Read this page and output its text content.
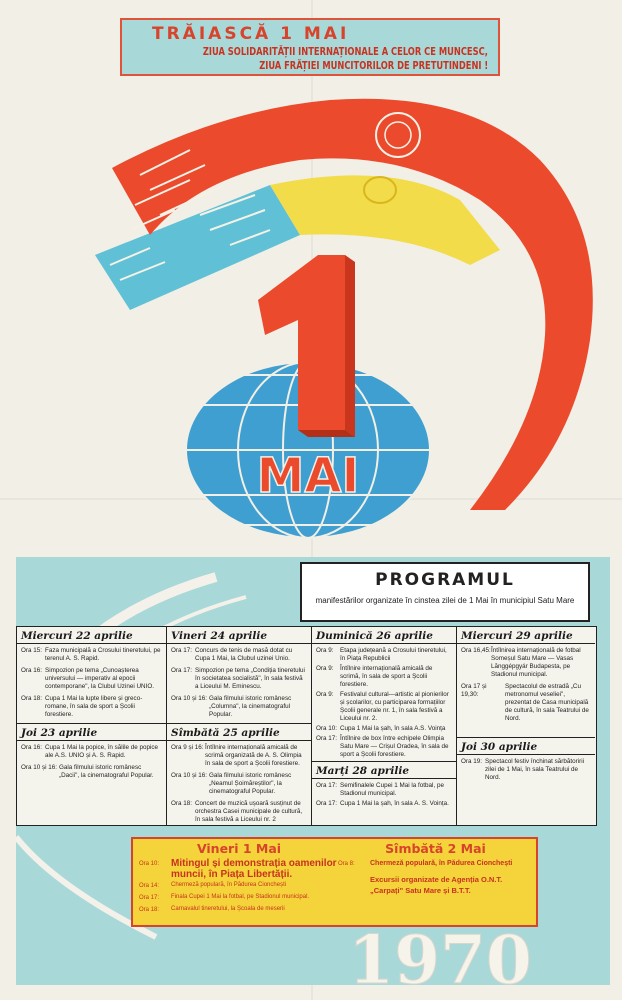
TRĂIASCĂ 1 MAI
ZIUA SOLIDARITĂȚII INTERNAȚIONALE A CELOR CE MUNCESC,
ZIUA FRĂȚIEI MUNCITORILOR DE PRETUTINDENI !
MAI
PROGRAMUL
manifestărilor organizate în cinstea zilei de 1 Mai în municipiul Satu Mare
Miercuri 22 aprilie
Ora 15: Faza municipală a Crosului tineretului, pe terenul A. S. Rapid.
Ora 16: Simpozion pe tema „Cunoașterea universului — imperativ al epocii contemporane", la Clubul Uzinei UNIO.
Ora 18: Cupa 1 Mai la lupte libere și greco-romane, în sala de sport a Școlii forestiere.
Joi 23 aprilie
Ora 16: Cupa 1 Mai la popice, în sălile de popice ale A.S. UNIO și A. S. Rapid.
Ora 10 și 16: Gala filmului istoric românesc „Dacii", la cinematograful Popular.
Vineri 24 aprilie
Ora 17: Concurs de tenis de masă dotat cu Cupa 1 Mai, la Clubul uzinei Unio.
Ora 17: Simpozion pe tema „Condiția tineretului în societatea socialistă", în sala festivă a Liceului M. Eminescu.
Ora 10 și 16: Gala filmului istoric românesc „Columna", la cinematograful Popular.
Sîmbătă 25 aprilie
Ora 9 și 16: Întîlnire internațională amicală de scrimă organizată de A. S. Olimpia în sala de sport a Școlii forestiere.
Ora 10 și 16: Gala filmului istoric românesc „Neamul Șoimăreștilor", la cinematograful Popular.
Ora 18: Concert de muzică ușoară susținut de orchestra Casei municipale de cultură, în sala festivă a Liceului nr. 2
Duminică 26 aprilie
Ora 9:	Etapa județeană a Crosului tineretului, în Piața Republicii
Ora 9:	Întîlnire internațională amicală de scrimă, în sala de sport a Școlii forestiere.
Ora 9:	Festivalul cultural—artistic al pionierilor și școlarilor, cu participarea formațiilor Școlii generale nr. 1, în sala festivă a Liceului nr. 2.
Ora 10: Cupa 1 Mai la șah, în sala A.S. Voința
Ora 17: Întîlnire de box între echipele Olimpia Satu Mare — Crișul Oradea, în sala de sport a Școlii forestiere.
Marți 28 aprilie
Ora 17: Semifinalele Cupei 1 Mai la fotbal, pe Stadionul municipal.
Ora 17: Cupa 1 Mai la șah, în sala A. S. Voința.
Miercuri 29 aprilie
Ora 16,45: Întîlnirea internațională de fotbal Someșul Satu Mare — Vasas Lănggépgyár Budapesta, pe Stadionul municipal.
Ora 17 și 19,30:
Spectacolul de estradă „Cu metronomul veseliei", prezentat de Casa municipală de cultură, în sala Teatrului de Nord.
Joi 30 aprilie
Ora 19: Spectacol festiv închinat sărbătoririi zilei de 1 Mai, în sala Teatrului de Nord.
Vineri 1 Mai
Ora 10:	Mitingul și demonstrația oamenilor muncii, în Piața Libertății.
Ora 14:	Chermeză populară, în Pădurea Cionchești
Ora 17:	Finala Cupei 1 Mai la fotbal, pe Stadionul municipal.
Ora 18:	Carnavalul tineretului, la Școala de meserii
Sîmbătă 2 Mai
Ora 8:	Chermeză populară, în Pădurea Cionchești
Excursii organizate de Agenția O.N.T. „Carpați" Satu Mare și B.T.T.
1970
